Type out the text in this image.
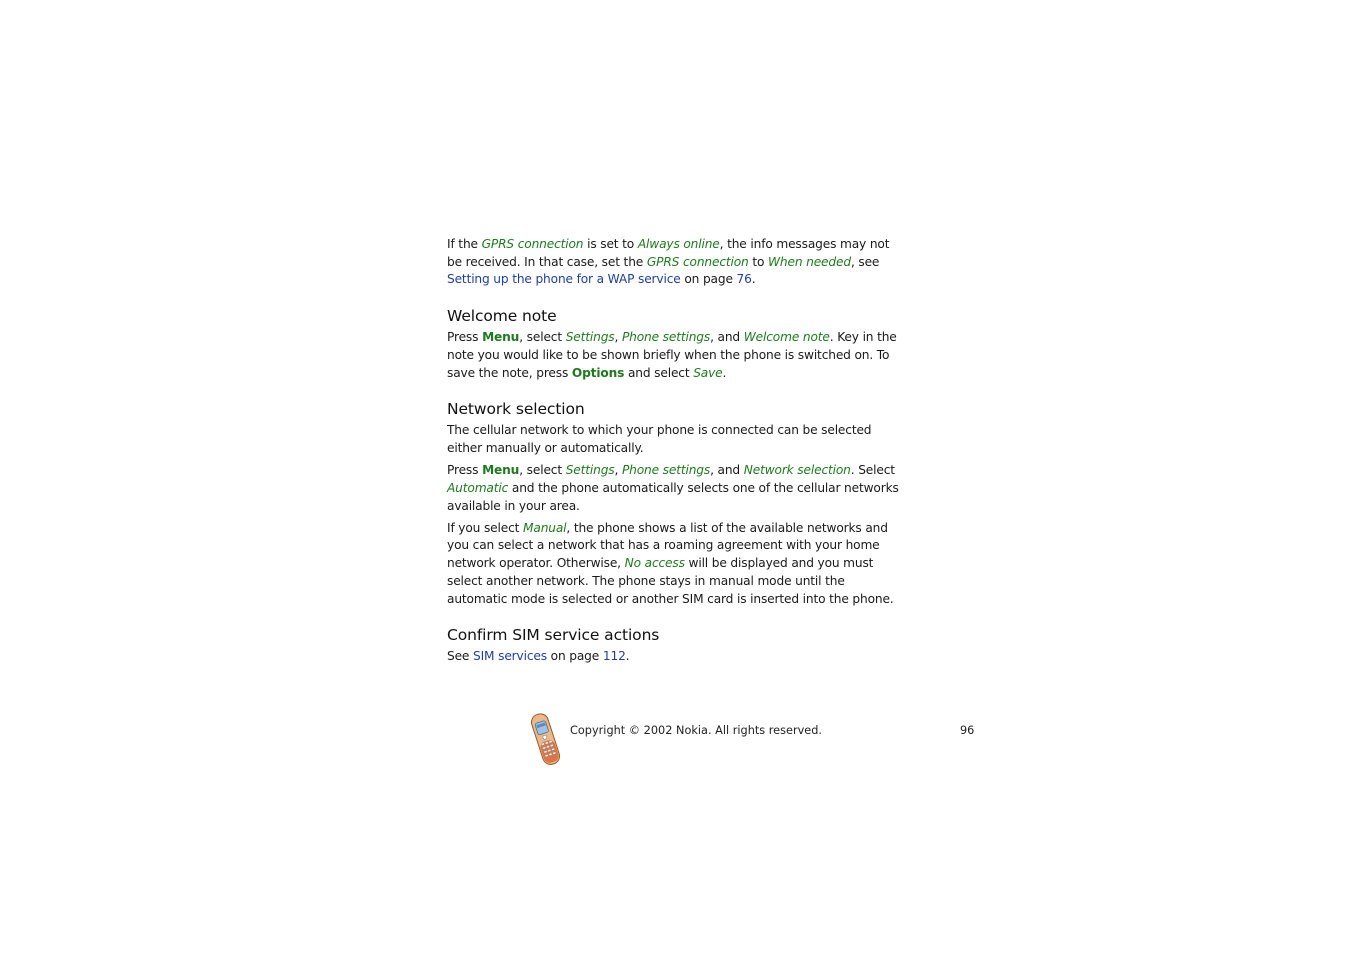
If the GPRS connection is set to Always online, the info messages may not be received. In that case, set the GPRS connection to When needed, see Setting up the phone for a WAP service on page 76.

Welcome note

Press Menu, select Settings, Phone settings, and Welcome note. Key in the note you would like to be shown briefly when the phone is switched on. To save the note, press Options and select Save.

Network selection

The cellular network to which your phone is connected can be selected either manually or automatically.

Press Menu, select Settings, Phone settings, and Network selection. Select Automatic and the phone automatically selects one of the cellular networks available in your area.

If you select Manual, the phone shows a list of the available networks and you can select a network that has a roaming agreement with your home network operator. Otherwise, No access will be displayed and you must select another network. The phone stays in manual mode until the automatic mode is selected or another SIM card is inserted into the phone.

Confirm SIM service actions

See SIM services on page 112.

Copyright © 2002 Nokia. All rights reserved.	96
